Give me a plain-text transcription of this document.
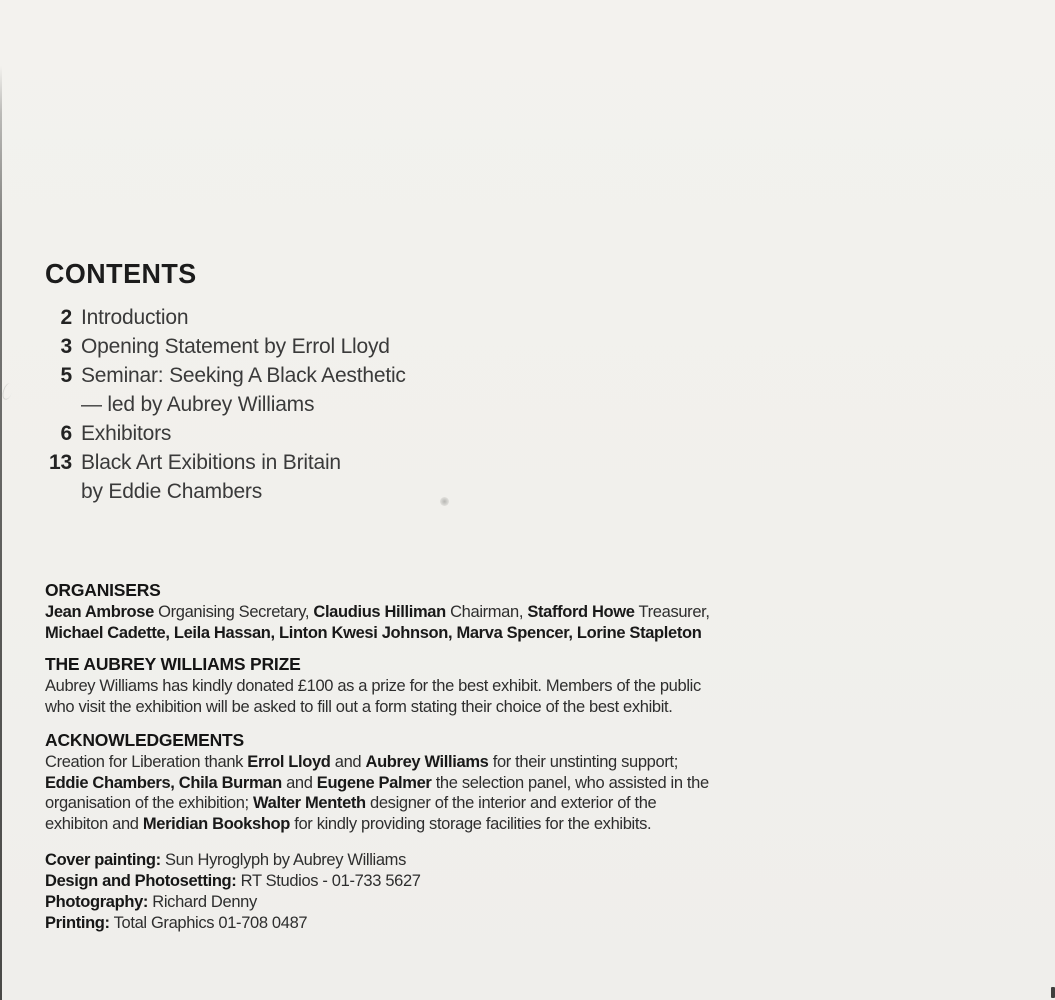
CONTENTS
2 Introduction
3 Opening Statement by Errol Lloyd
5 Seminar: Seeking A Black Aesthetic
— led by Aubrey Williams
6 Exhibitors
13 Black Art Exibitions in Britain
by Eddie Chambers
ORGANISERS
Jean Ambrose Organising Secretary, Claudius Hilliman Chairman, Stafford Howe Treasurer,
Michael Cadette, Leila Hassan, Linton Kwesi Johnson, Marva Spencer, Lorine Stapleton
THE AUBREY WILLIAMS PRIZE
Aubrey Williams has kindly donated £100 as a prize for the best exhibit. Members of the public
who visit the exhibition will be asked to fill out a form stating their choice of the best exhibit.
ACKNOWLEDGEMENTS
Creation for Liberation thank Errol Lloyd and Aubrey Williams for their unstinting support;
Eddie Chambers, Chila Burman and Eugene Palmer the selection panel, who assisted in the
organisation of the exhibition; Walter Menteth designer of the interior and exterior of the
exhibiton and Meridian Bookshop for kindly providing storage facilities for the exhibits.
Cover painting: Sun Hyroglyph by Aubrey Williams
Design and Photosetting: RT Studios - 01-733 5627
Photography: Richard Denny
Printing: Total Graphics 01-708 0487
